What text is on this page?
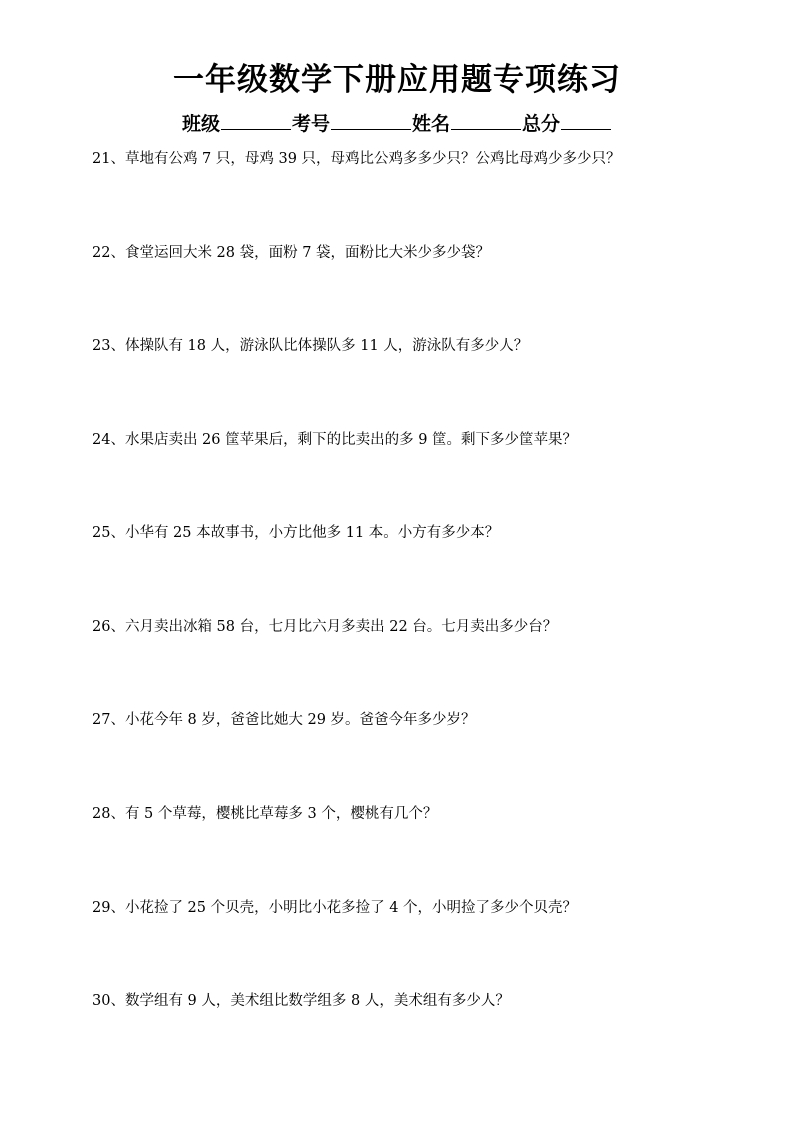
一年级数学下册应用题专项练习
班级	考号	姓名	总分

21、草地有公鸡 7 只，母鸡 39 只，母鸡比公鸡多多少只？公鸡比母鸡少多少只？

22、食堂运回大米 28 袋，面粉 7 袋，面粉比大米少多少袋？

23、体操队有 18 人，游泳队比体操队多 11 人，游泳队有多少人？

24、水果店卖出 26 筐苹果后，剩下的比卖出的多 9 筐。剩下多少筐苹果？

25、小华有 25 本故事书，小方比他多 11 本。小方有多少本？

26、六月卖出冰箱 58 台，七月比六月多卖出 22 台。七月卖出多少台？

27、小花今年 8 岁，爸爸比她大 29 岁。爸爸今年多少岁？

28、有 5 个草莓，樱桃比草莓多 3 个，樱桃有几个？

29、小花捡了 25 个贝壳，小明比小花多捡了 4 个，小明捡了多少个贝壳？

30、数学组有 9 人，美术组比数学组多 8 人，美术组有多少人？
